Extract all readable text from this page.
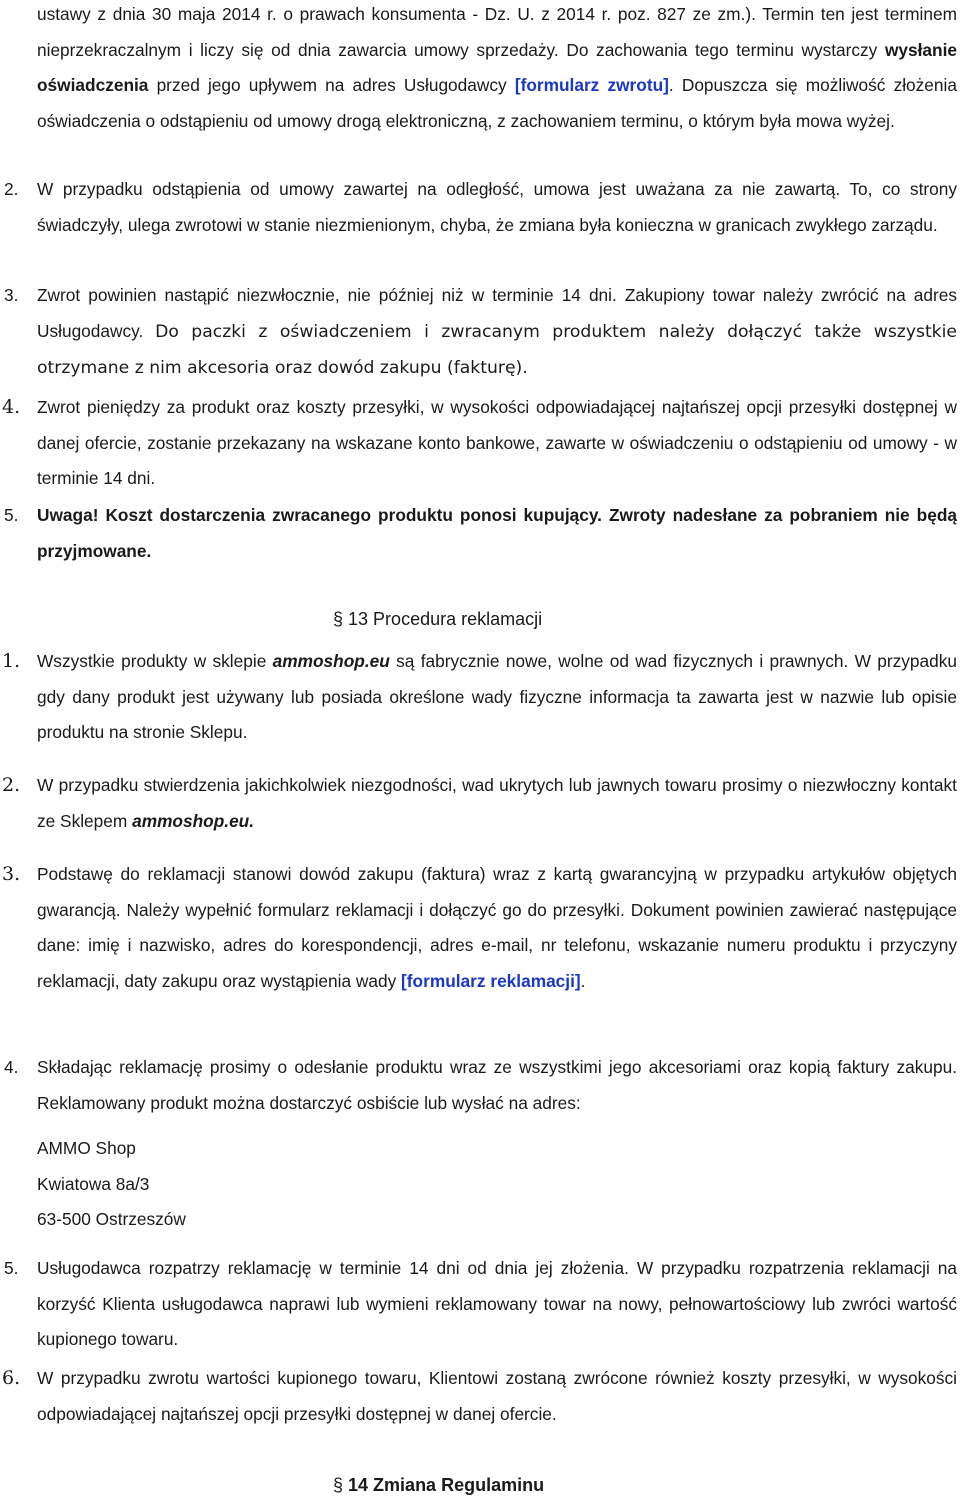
ustawy z dnia 30 maja 2014 r. o prawach konsumenta - Dz. U. z 2014 r. poz. 827 ze zm.). Termin ten jest terminem nieprzekraczalnym i liczy się od dnia zawarcia umowy sprzedaży. Do zachowania tego terminu wystarczy wysłanie oświadczenia przed jego upływem na adres Usługodawcy [formularz zwrotu]. Dopuszcza się możliwość złożenia oświadczenia o odstąpieniu od umowy drogą elektroniczną, z zachowaniem terminu, o którym była mowa wyżej.
2.	W przypadku odstąpienia od umowy zawartej na odległość, umowa jest uważana za nie zawartą. To, co strony świadczyły, ulega zwrotowi w stanie niezmienionym, chyba, że zmiana była konieczna w granicach zwykłego zarządu.
3.	Zwrot powinien nastąpić niezwłocznie, nie później niż w terminie 14 dni. Zakupiony towar należy zwrócić na adres Usługodawcy. Do paczki z oświadczeniem i zwracanym produktem należy dołączyć także wszystkie otrzymane z nim akcesoria oraz dowód zakupu (fakturę).
4. Zwrot pieniędzy za produkt oraz koszty przesyłki, w wysokości odpowiadającej najtańszej opcji przesyłki dostępnej w danej ofercie, zostanie przekazany na wskazane konto bankowe, zawarte w oświadczeniu o odstąpieniu od umowy - w terminie 14 dni.
5.	Uwaga! Koszt dostarczenia zwracanego produktu ponosi kupujący. Zwroty nadesłane za pobraniem nie będą przyjmowane.
§ 13 Procedura reklamacji
1. Wszystkie produkty w sklepie ammoshop.eu są fabrycznie nowe, wolne od wad fizycznych i prawnych. W przypadku gdy dany produkt jest używany lub posiada określone wady fizyczne informacja ta zawarta jest w nazwie lub opisie produktu na stronie Sklepu.
2. W przypadku stwierdzenia jakichkolwiek niezgodności, wad ukrytych lub jawnych towaru prosimy o niezwłoczny kontakt ze Sklepem ammoshop.eu.
3. Podstawę do reklamacji stanowi dowód zakupu (faktura) wraz z kartą gwarancyjną w przypadku artykułów objętych gwarancją. Należy wypełnić formularz reklamacji i dołączyć go do przesyłki. Dokument powinien zawierać następujące dane: imię i nazwisko, adres do korespondencji, adres e-mail, nr telefonu, wskazanie numeru produktu i przyczyny reklamacji, daty zakupu oraz wystąpienia wady [formularz reklamacji].
4.	Składając reklamację prosimy o odesłanie produktu wraz ze wszystkimi jego akcesoriami oraz kopią faktury zakupu. Reklamowany produkt można dostarczyć osbiście lub wysłać na adres:
AMMO Shop
Kwiatowa 8a/3
63-500 Ostrzeszów
5.	Usługodawca rozpatrzy reklamację w terminie 14 dni od dnia jej złożenia. W przypadku rozpatrzenia reklamacji na korzyść Klienta usługodawca naprawi lub wymieni reklamowany towar na nowy, pełnowartościowy lub zwróci wartość kupionego towaru.
6. W przypadku zwrotu wartości kupionego towaru, Klientowi zostaną zwrócone również koszty przesyłki, w wysokości odpowiadającej najtańszej opcji przesyłki dostępnej w danej ofercie.
§ 14 Zmiana Regulaminu
